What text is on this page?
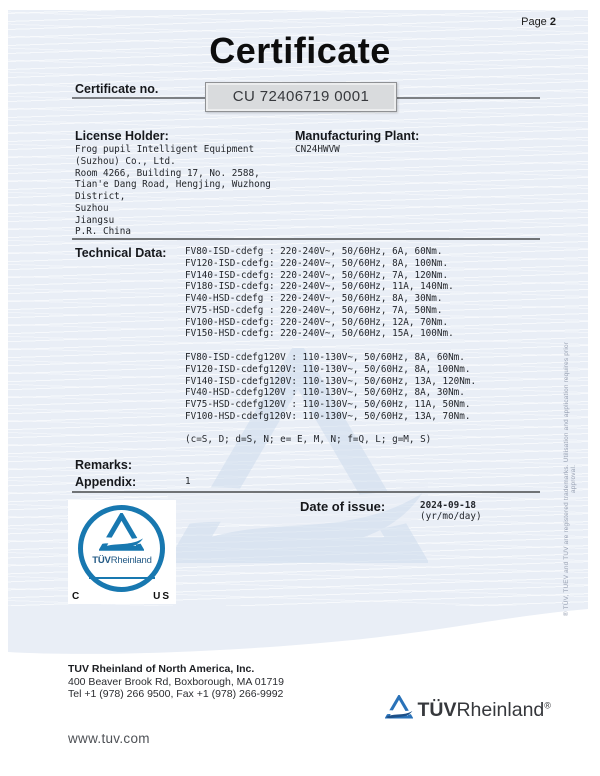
Page 2
Certificate
Certificate no.	CU 72406719 0001
License Holder:
Frog pupil Intelligent Equipment
(Suzhou) Co., Ltd.
Room 4266, Building 17, No. 2588,
Tian'e Dang Road, Hengjing, Wuzhong
District,
Suzhou
Jiangsu
P.R. China
Manufacturing Plant:
CN24HWVW
Technical Data: FV80-ISD-cdefg : 220-240V~, 50/60Hz, 6A, 60Nm.
FV120-ISD-cdefg: 220-240V~, 50/60Hz, 8A, 100Nm.
FV140-ISD-cdefg: 220-240V~, 50/60Hz, 7A, 120Nm.
FV180-ISD-cdefg: 220-240V~, 50/60Hz, 11A, 140Nm.
FV40-HSD-cdefg : 220-240V~, 50/60Hz, 8A, 30Nm.
FV75-HSD-cdefg : 220-240V~, 50/60Hz, 7A, 50Nm.
FV100-HSD-cdefg: 220-240V~, 50/60Hz, 12A, 70Nm.
FV150-HSD-cdefg: 220-240V~, 50/60Hz, 15A, 100Nm.
FV80-ISD-cdefg120V : 110-130V~, 50/60Hz, 8A, 60Nm.
FV120-ISD-cdefg120V: 110-130V~, 50/60Hz, 8A, 100Nm.
FV140-ISD-cdefg120V: 110-130V~, 50/60Hz, 13A, 120Nm.
FV40-HSD-cdefg120V : 110-130V~, 50/60Hz, 8A, 30Nm.
FV75-HSD-cdefg120V : 110-130V~, 50/60Hz, 11A, 50Nm.
FV100-HSD-cdefg120V: 110-130V~, 50/60Hz, 13A, 70Nm.
(c=S, D; d=S, N; e= E, M, N; f=Q, L; g=M, S)
Remarks:
Appendix:	1
Date of issue:	2024-09-18
(yr/mo/day)
TÜVRheinland
C	US	® TÜV, TUEV and TUV are registered trademarks. Utilisation and application requires prior approval.
TUV Rheinland of North America, Inc.
400 Beaver Brook Rd, Boxborough, MA 01719
Tel +1 (978) 266 9500, Fax +1 (978) 266-9992
www.tuv.com
TÜVRheinland®
